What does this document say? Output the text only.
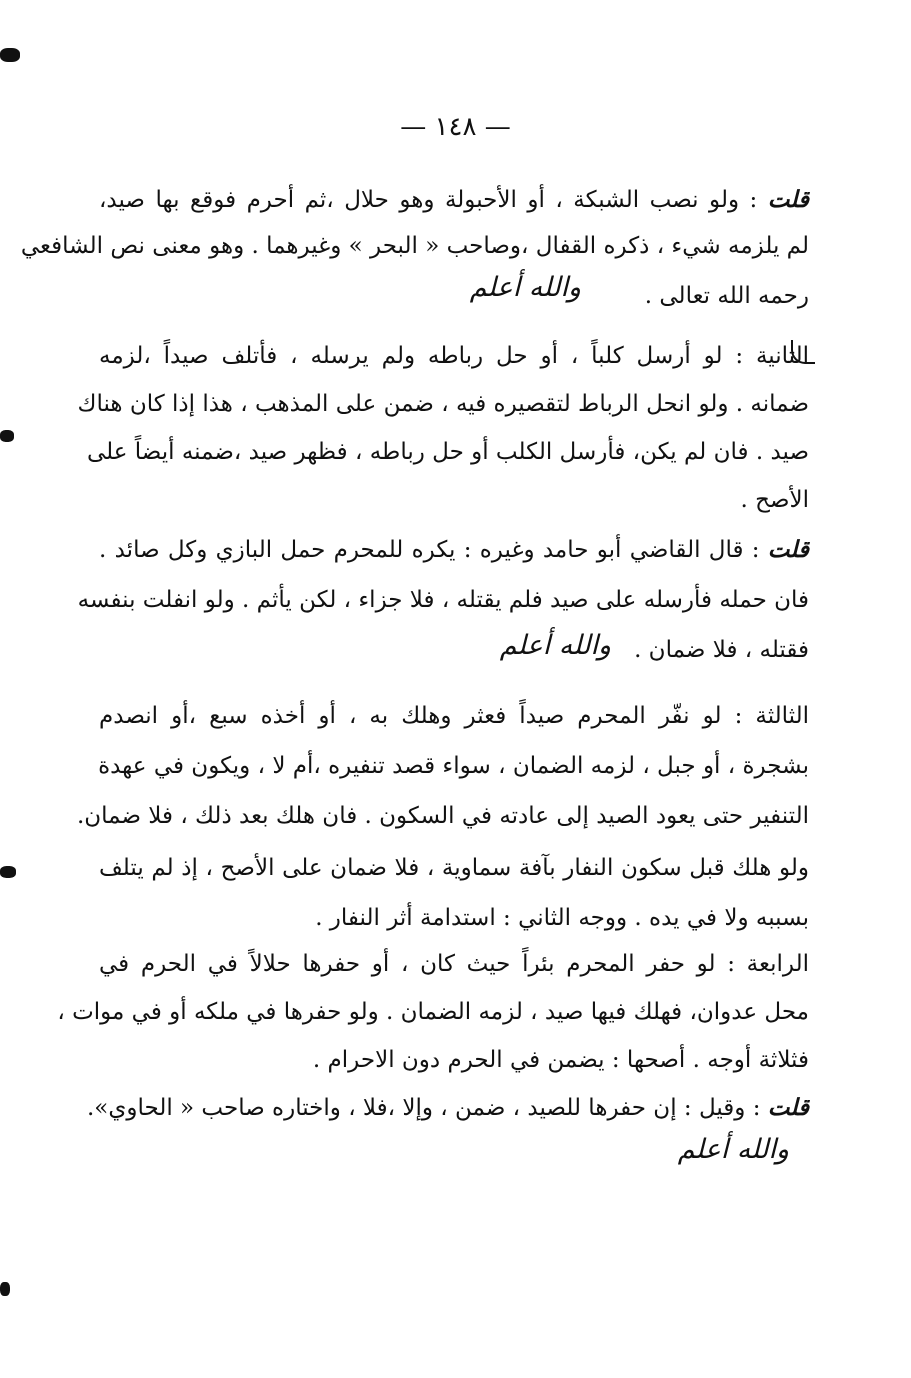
— ١٤٨ —
قلت : ولو نصب الشبكة ، أو الأحبولة وهو حلال ،ثم أحرم فوقع بها صيد،
لم يلزمه شيء ، ذكره القفال ،وصاحب « البحر » وغيرهما . وهو معنى نص الشافعي
رحمه الله تعالى .
والله أعلم
الثانية : لو أرسل كلباً ، أو حل رباطه ولم يرسله ، فأتلف صيداً ،لزمه
ضمانه . ولو انحل الرباط لتقصيره فيه ، ضمن على المذهب ، هذا إذا كان هناك
صيد . فان لم يكن، فأرسل الكلب أو حل رباطه ، فظهر صيد ،ضمنه أيضاً على
الأصح .
قلت : قال القاضي أبو حامد وغيره : يكره للمحرم حمل البازي وكل صائد .
فان حمله فأرسله على صيد فلم يقتله ، فلا جزاء ، لكن يأثم . ولو انفلت بنفسه
فقتله ، فلا ضمان .
والله أعلم
الثالثة : لو نفّر المحرم صيداً فعثر وهلك به ، أو أخذه سبع ،أو انصدم
بشجرة ، أو جبل ، لزمه الضمان ، سواء قصد تنفيره ،أم لا ، ويكون في عهدة
التنفير حتى يعود الصيد إلى عادته في السكون . فان هلك بعد ذلك ، فلا ضمان.
ولو هلك قبل سكون النفار بآفة سماوية ، فلا ضمان على الأصح ، إذ لم يتلف
بسببه ولا في يده . ووجه الثاني : استدامة أثر النفار .
الرابعة : لو حفر المحرم بئراً حيث كان ، أو حفرها حلالاً في الحرم في
محل عدوان، فهلك فيها صيد ، لزمه الضمان . ولو حفرها في ملكه أو في موات ،
فثلاثة أوجه . أصحها : يضمن في الحرم دون الاحرام .
قلت : وقيل : إن حفرها للصيد ، ضمن ، وإلا ،فلا ، واختاره صاحب « الحاوي».
والله أعلم
